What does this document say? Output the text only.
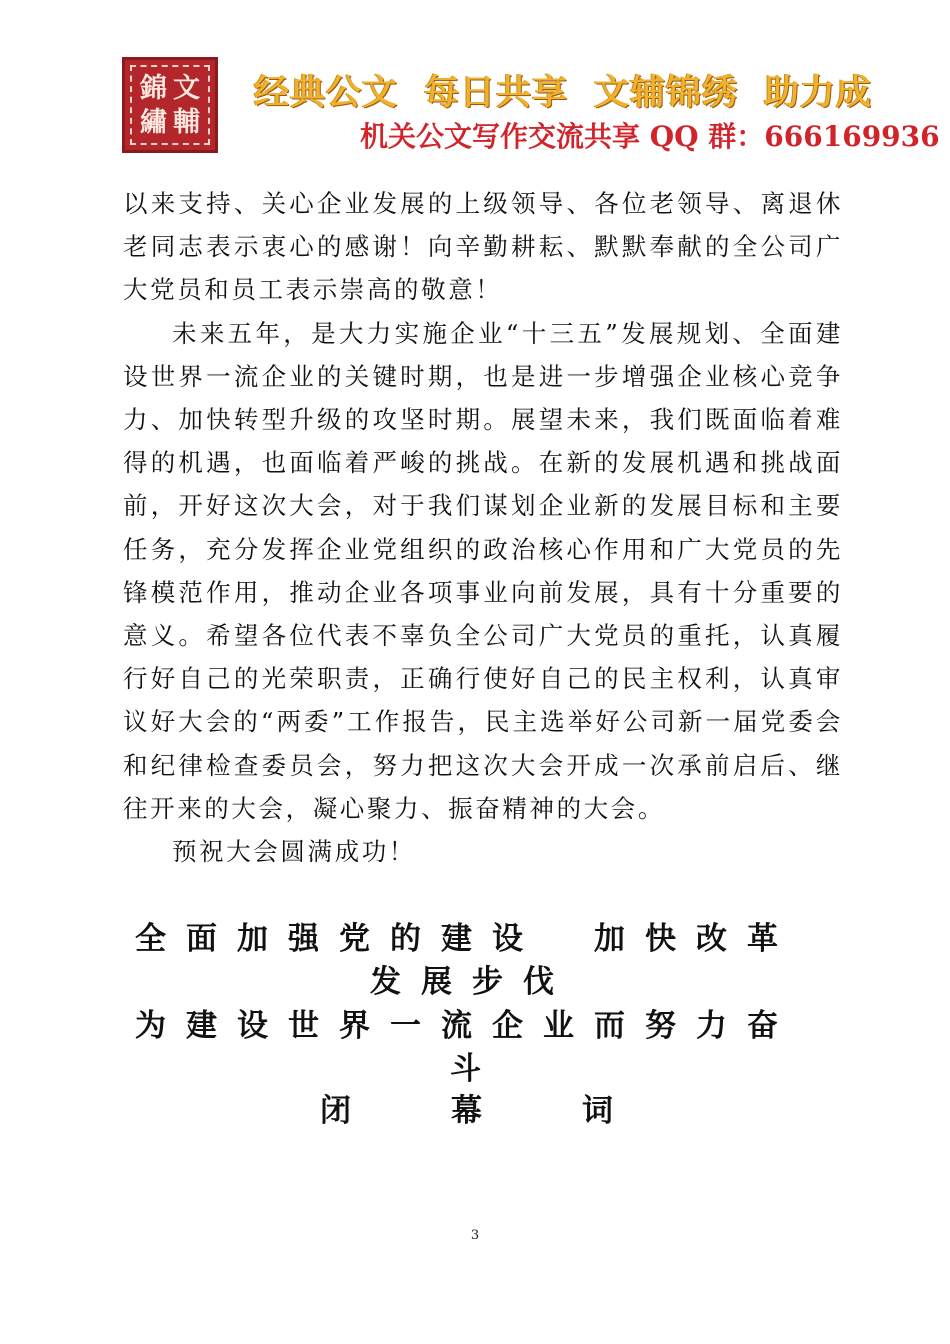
錦 文
繡 輔
经典公文 每日共享 文辅锦绣 助力成
机关公文写作交流共享 QQ 群：666169936

以来支持、关心企业发展的上级领导、各位老领导、离退休老同志表示衷心的感谢！向辛勤耕耘、默默奉献的全公司广大党员和员工表示崇高的敬意！

未来五年，是大力实施企业“十三五”发展规划、全面建设世界一流企业的关键时期，也是进一步增强企业核心竞争力、加快转型升级的攻坚时期。展望未来，我们既面临着难得的机遇，也面临着严峻的挑战。在新的发展机遇和挑战面前，开好这次大会，对于我们谋划企业新的发展目标和主要任务，充分发挥企业党组织的政治核心作用和广大党员的先锋模范作用，推动企业各项事业向前发展，具有十分重要的意义。希望各位代表不辜负全公司广大党员的重托，认真履行好自己的光荣职责，正确行使好自己的民主权利，认真审议好大会的“两委”工作报告，民主选举好公司新一届党委会和纪律检查委员会，努力把这次大会开成一次承前启后、继往开来的大会，凝心聚力、振奋精神的大会。

预祝大会圆满成功！

全面加强党的建设　加快改革
发展步伐
为建设世界一流企业而努力奋
斗
闭	幕	词
3
